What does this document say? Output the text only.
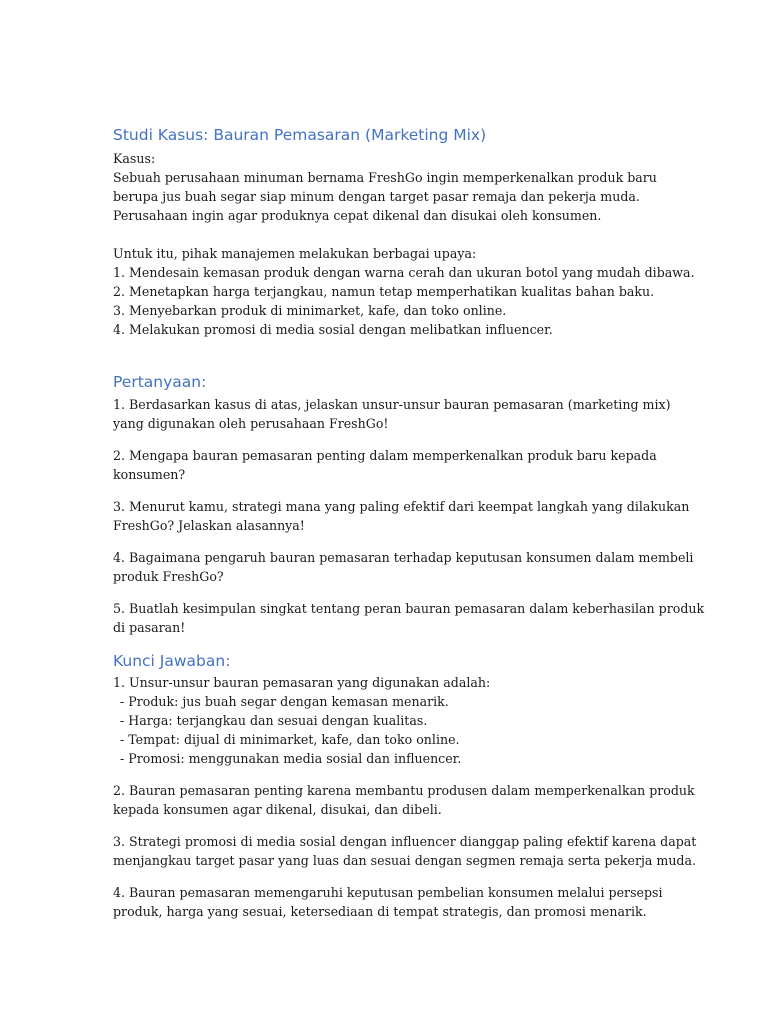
Studi Kasus: Bauran Pemasaran (Marketing Mix)

Kasus:

Sebuah perusahaan minuman bernama FreshGo ingin memperkenalkan produk baru

berupa jus buah segar siap minum dengan target pasar remaja dan pekerja muda.

Perusahaan ingin agar produknya cepat dikenal dan disukai oleh konsumen.

Untuk itu, pihak manajemen melakukan berbagai upaya:

1. Mendesain kemasan produk dengan warna cerah dan ukuran botol yang mudah dibawa.

2. Menetapkan harga terjangkau, namun tetap memperhatikan kualitas bahan baku.

3. Menyebarkan produk di minimarket, kafe, dan toko online.

4. Melakukan promosi di media sosial dengan melibatkan influencer.

Pertanyaan:
1. Berdasarkan kasus di atas, jelaskan unsur-unsur bauran pemasaran (marketing mix)
yang digunakan oleh perusahaan FreshGo!
2. Mengapa bauran pemasaran penting dalam memperkenalkan produk baru kepada
konsumen?
3. Menurut kamu, strategi mana yang paling efektif dari keempat langkah yang dilakukan
FreshGo? Jelaskan alasannya!
4. Bagaimana pengaruh bauran pemasaran terhadap keputusan konsumen dalam membeli
produk FreshGo?
5. Buatlah kesimpulan singkat tentang peran bauran pemasaran dalam keberhasilan produk
di pasaran!
Kunci Jawaban:
1. Unsur-unsur bauran pemasaran yang digunakan adalah:
- Produk: jus buah segar dengan kemasan menarik.
- Harga: terjangkau dan sesuai dengan kualitas.
- Tempat: dijual di minimarket, kafe, dan toko online.
- Promosi: menggunakan media sosial dan influencer.
2. Bauran pemasaran penting karena membantu produsen dalam memperkenalkan produk
kepada konsumen agar dikenal, disukai, dan dibeli.
3. Strategi promosi di media sosial dengan influencer dianggap paling efektif karena dapat
menjangkau target pasar yang luas dan sesuai dengan segmen remaja serta pekerja muda.
4. Bauran pemasaran memengaruhi keputusan pembelian konsumen melalui persepsi
produk, harga yang sesuai, ketersediaan di tempat strategis, dan promosi menarik.
